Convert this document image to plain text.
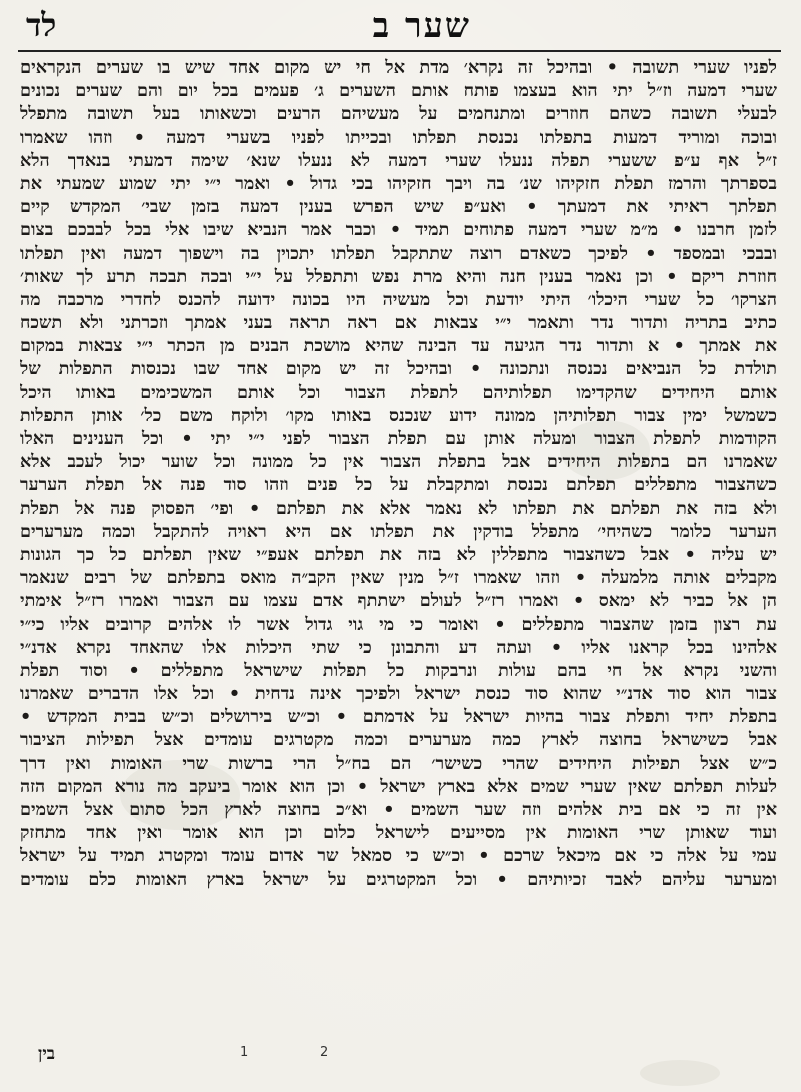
שער ב
לד
לפניו שערי תשובה • ובהיכל זה נקרא׳ מדת אל חי יש מקום אחד שיש בו שערים הנקראים
שערי דמעה וז״ל יתי הוא בעצמו פותח אותם השערים ג׳ פעמים בכל יום והם שערים נכונים
לבעלי תשובה כשהם חוזרים ומתנחמים על מעשיהם הרעים וכשאותו בעל תשובה מתפלל
ובוכה ומוריד דמעות בתפלתו נכנסת תפלתו ובכייתו לפניו בשערי דמעה • וזהו שאמרו
ז״ל אף ע״פ ששערי תפלה ננעלו שערי דמעה לא ננעלו שנא׳ שימה דמעתי בנאדך הלא
בספרתך והרמז תפלת חזקיהו שנ׳ בה ויבך חזקיהו בכי גדול • ואמר י״י יתי שמוע שמעתי את
תפלתך ראיתי את דמעתך • ואע״פ שיש הפרש בענין דמעה בזמן שבי׳ המקדש קיים
לזמן חרבנו • מ״מ שערי דמעה פתוחים תמיד • וכבר אמר הנביא שיבו אלי בכל לבבכם בצום
ובבכי ובמספד • לפיכך כשאדם רוצה שתתקבל תפלתו יתכוין בה וישפוך דמעה ואין תפלתו
חוזרת ריקם • וכן נאמר בענין חנה והיא מרת נפש ותתפלל על י״י ובכה תבכה תרע לך שאות׳
הצרקו׳ כל שערי היכלו׳ היתי יודעת וכל מעשיה היו בכונה ידועה להכנס לחדרי מרכבה מה
כתיב בתריה ותדור נדר ותאמר י״י צבאות אם ראה תראה בעני אמתך וזכרתני ולא תשכח
את אמתך • א ותדור נדר הגיעה עד הבינה שהיא מושכת הבנים מן הכתר י״י צבאות במקום
תולדת כל הנביאים נכנסה ונתכונה • ובהיכל זה יש מקום אחד שבו נכנסות התפלות של
אותם היחידים שהקדימו תפלותיהם לתפלת הצבור וכל אותם המשכימים באותו היכל
כשמשל ימין צבור תפלותיהן ממונה ידוע שנכנס באותו מקו׳ ולוקח משם כל׳ אותן התפלות
הקודמות לתפלת הצבור ומעלה אותן עם תפלת הצבור לפני י״י יתי • וכל הענינים האלו
שאמרנו הם בתפלות היחידים אבל בתפלת הצבור אין כל ממונה וכל שוער יכול לעכב אלא
כשהצבור מתפללים תפלתם נכנסת ומתקבלת על כל פנים וזהו סוד פנה אל תפלת הערער
ולא בזה את תפלתם את תפלתו לא נאמר אלא את תפלתם • ופי׳ הפסוק פנה אל תפלת
הערער כלומר כשהיחי׳ מתפלל בודקין את תפלתו אם היא ראויה להתקבל וכמה מערערים
יש עליה • אבל כשהצבור מתפללין לא בזה את תפלתם אעפ״י שאין תפלתם כל כך הגונות
מקבלים אותה מלמעלה • וזהו שאמרו ז״ל מנין שאין הקב״ה מואס בתפלתם של רבים שנאמר
הן אל כביר לא ימאס • ואמרו רז״ל לעולם ישתתף אדם עצמו עם הצבור ואמרו רז״ל אימתי
עת רצון בזמן שהצבור מתפללים • ואומר כי מי גוי גדול אשר לו אלהים קרובים אליו כי״י
אלהינו בכל קראנו אליו • ועתה דע והתבונן כי שתי היכלות אלו שהאחד נקרא אדנ״י
והשני נקרא אל חי בהם עולות ונרבקות כל תפלות שישראל מתפללים • וסוד תפלת
צבור הוא סוד אדנ״י שהוא סוד כנסת ישראל ולפיכך אינה נדחית • וכל אלו הדברים שאמרנו
בתפלת יחיד ותפלת צבור בהיות ישראל על אדמתם • וכ״ש בירושלים וכ״ש בבית המקדש •
אבל כשישראל בחוצה לארץ כמה מערערים וכמה מקטרגים עומדים אצל תפילות הציבור
כ״ש אצל תפילות היחידים שהרי כשישר׳ הם בח״ל הרי ברשות שרי האומות ואין דרך
לעלות תפלתם שאין שערי שמים אלא בארץ ישראל • וכן הוא אומר ביעקב מה נורא המקום הזה
אין זה כי אם בית אלהים וזה שער השמים • וא״כ בחוצה לארץ הכל סתום אצל השמים
ועוד שאותן שרי האומות אין מסייעים לישראל כלום וכן הוא אומר ואין אחד מתחזק
עמי על אלה כי אם מיכאל שרכם • וכ״ש כי סמאל שר אדום עומד ומקטרג תמיד על ישראל
ומערער עליהם לאבד זכיותיהם • וכל המקטרגים על ישראל בארץ האומות כלם עומדים
בין	1	2
